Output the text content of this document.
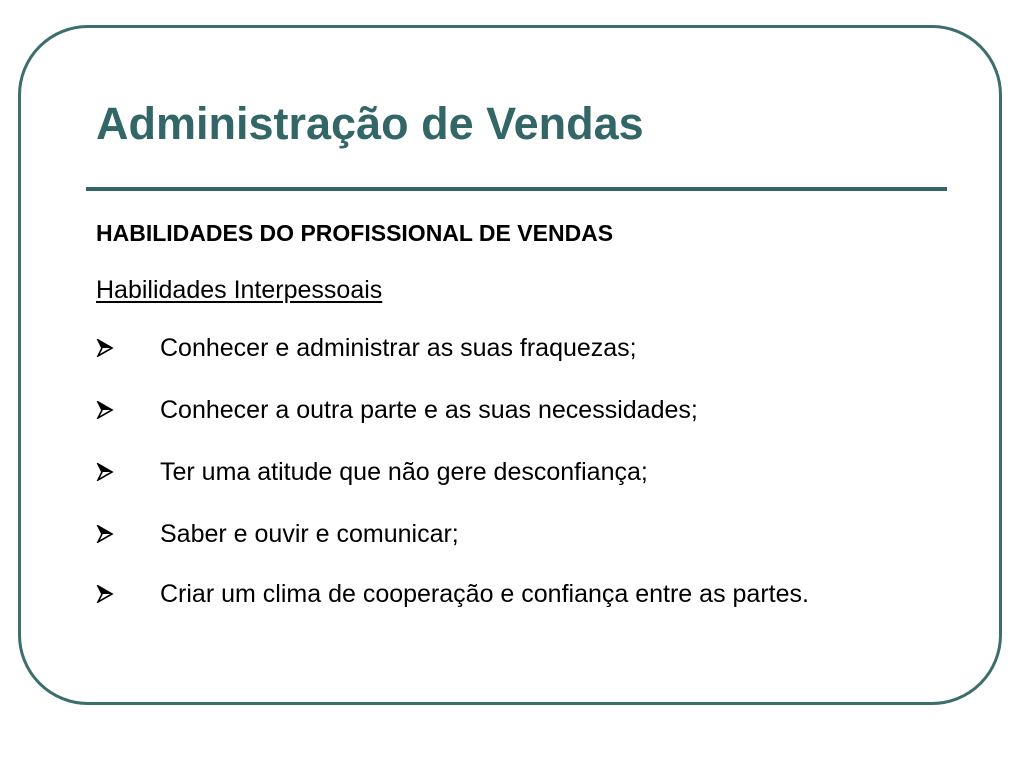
Administração de Vendas

HABILIDADES DO PROFISSIONAL DE VENDAS

Habilidades Interpessoais

Conhecer e administrar as suas fraquezas;
Conhecer a outra parte e as suas necessidades;
Ter uma atitude que não gere desconfiança;
Saber e ouvir e comunicar;
Criar um clima de cooperação e confiança entre as partes.
